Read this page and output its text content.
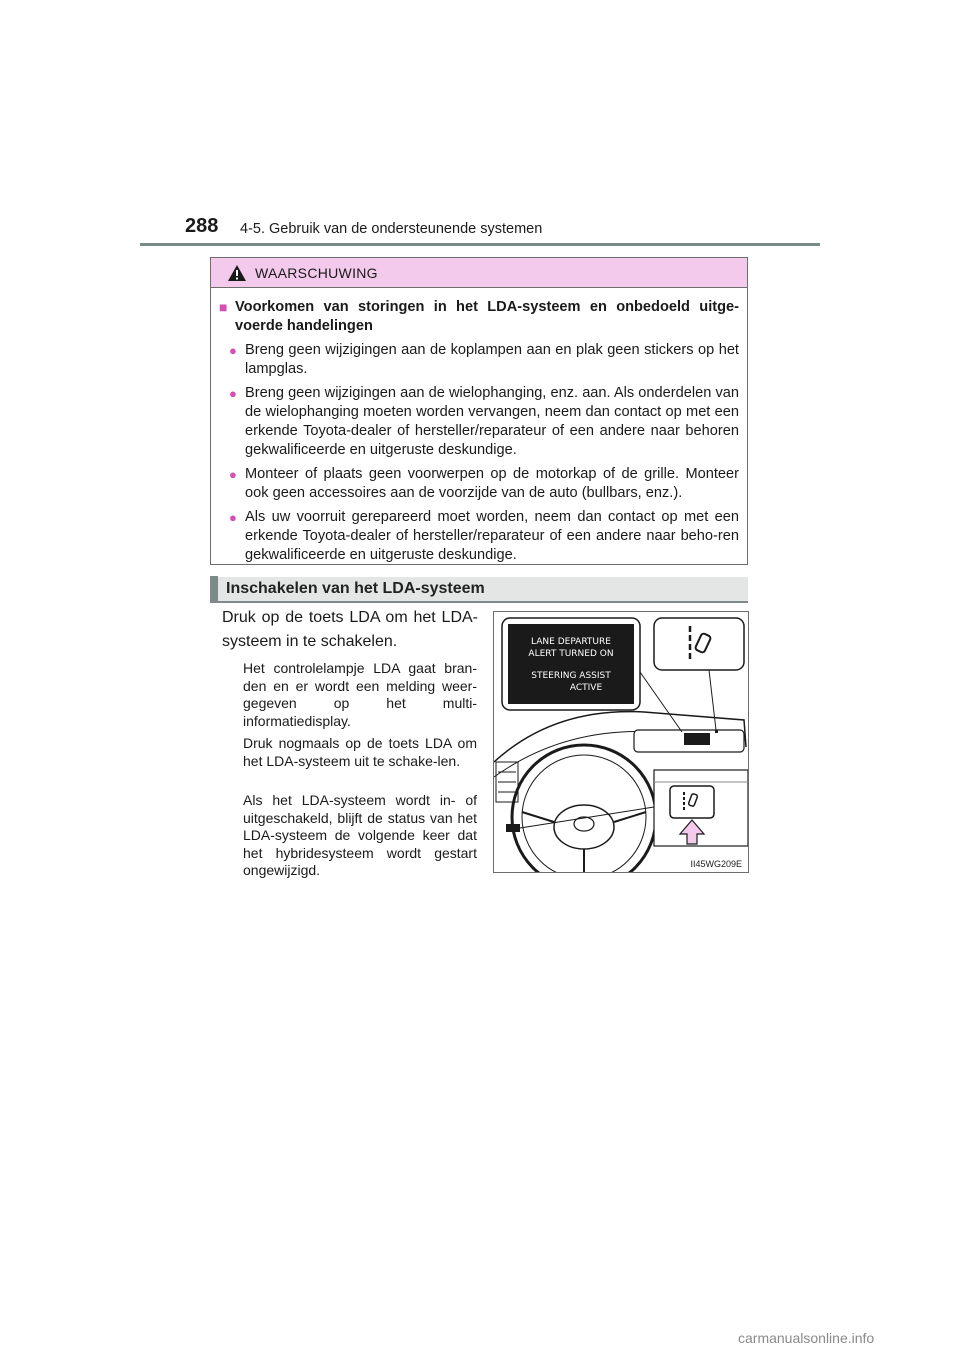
288 4-5. Gebruik van de ondersteunende systemen
WAARSCHUWING
■ Voorkomen van storingen in het LDA-systeem en onbedoeld uitge-voerde handelingen
● Breng geen wijzigingen aan de koplampen aan en plak geen stickers op het lampglas.
● Breng geen wijzigingen aan de wielophanging, enz. aan. Als onderdelen van de wielophanging moeten worden vervangen, neem dan contact op met een erkende Toyota-dealer of hersteller/reparateur of een andere naar behoren gekwalificeerde en uitgeruste deskundige.
● Monteer of plaats geen voorwerpen op de motorkap of de grille. Monteer ook geen accessoires aan de voorzijde van de auto (bullbars, enz.).
● Als uw voorruit gerepareerd moet worden, neem dan contact op met een erkende Toyota-dealer of hersteller/reparateur of een andere naar beho-ren gekwalificeerde en uitgeruste deskundige.
Inschakelen van het LDA-systeem
Druk op de toets LDA om het LDA-systeem in te schakelen.
Het controlelampje LDA gaat bran-den en er wordt een melding weer-gegeven op het multi-informatiedisplay.
Druk nogmaals op de toets LDA om het LDA-systeem uit te schake-len.
Als het LDA-systeem wordt in- of uitgeschakeld, blijft de status van het LDA-systeem de volgende keer dat het hybridesysteem wordt gestart ongewijzigd.
LANE DEPARTURE
ALERT TURNED ON
STEERING ASSIST
ACTIVE
II45WG209E
carmanualsonline.info
